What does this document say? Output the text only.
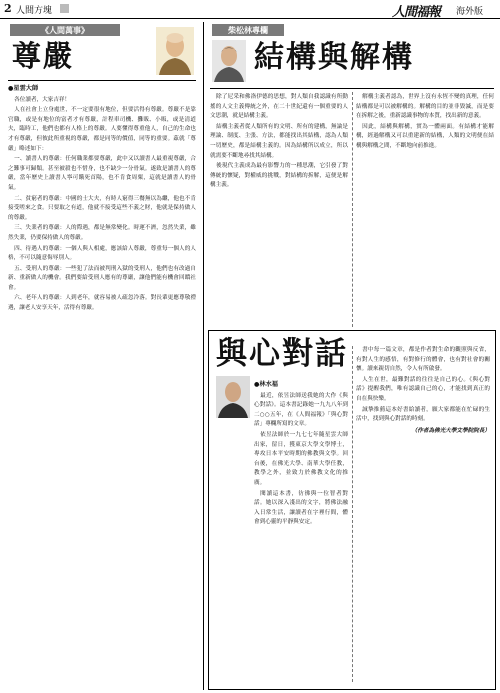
2 人間方塊	人間福報 海外版
《人間萬事》
尊嚴
●星雲大師

各位讀者，大家吉祥！

人在社會上立身處世，不一定要很有地位，但要活得有尊嚴。尊嚴不是靠官職，或是有地位的富者才有尊嚴，計程車司機、攤販、小販，或是清道夫，臨時工，他們也都有人格上的尊嚴。人要懂得尊重他人，自己的生命也才有尊嚴，但彼此所重視的尊嚴，都是同等的價值，同等的重要。茲就「尊嚴」略述如下：

一、讀書人的尊嚴：任何職業都要尊嚴，此中又以讀書人最重視尊嚴，合之難事可歸類。甚至被殺也不惜身，也不缺少一分骨氣。遂致是讀書人的尊嚴，當年歷史上讀書人寧可餓死首陽，也不肯食周粟，這就是讀書人的骨氣。

二、貧窮者的尊嚴：中國的士大夫，有時人窮得三餐無以為繼，他也不肯接受嗟來之食。只要取之有道，他就不接受這些不義之財，他就是保持做人的尊嚴。

三、失業者的尊嚴：人的際遇，都是無常變化。時運不濟，忽然失業，雖然失業，仍要保持做人的尊嚴。

四、待遇人的尊嚴：一個人與人相處，應該給人尊嚴，尊重每一個人的人格，不可以隨意侮辱別人。

五、受刑人的尊嚴：一些犯了法而被判刑入獄的受刑人，他們也有改過自新、重新做人的機會。我們要給受刑人應有的尊嚴，讓他們能有機會回饋社會。

六、老年人的尊嚴：人到老年，就容易被人疏忽冷落。對長輩更應尊敬禮遇，讓老人安享天年，活得有尊嚴。

柴松林專欄
結構與解構

除了尼采和佛洛伊德的思想，對人類自我認識有所動搖的人文主義傳統之外，在二十世紀還有一個重要的人文思潮，就是結構主義。

結構主義者從人類所有的文明、所有的建構，無論是理論、制度、主張、方法，都能找出其結構，認為人類一切歷史，都是結構主義的。因為結構所以成立，所以就需要不斷地尋找其結構。

後現代主義成為最有影響力的一種思潮，它引發了對傳統的懷疑，對權威的挑戰，對結構的拆解，這便是解構主義。

解構主義者認為，世界上沒有永恆不變的真理，任何結構都是可以被解構的。解構的目的並非毀滅，而是要在拆解之後，重新認識事物的本質，找出新的意義。

因此，結構與解構，實為一體兩面。有結構才能解構，經過解構又可以重建新的結構，人類的文明便在結構與解構之間，不斷地向前推進。

與心對話
●林水福

最近，依昱法師送我她的大作《與心對話》。這本書記錄她一九九八年到二○○五年，在《人間福報》「與心對話」專欄所寫的文章。

依昱法師於一九七七年隨星雲大師出家，留日，獲東京大學文學博士，專攻日本平安時期的佛教與文學。回台後，在佛光大學、南華大學任教，教學之外，並致力於佛教文化的推廣。

閱讀這本書，彷彿與一位智者對話。她以深入淺出的文字，將佛法融入日常生活，讓讀者在字裡行間，體會到心靈的平靜與安定。

書中每一篇文章，都是作者對生命的觀照與反省，有對人生的感悟，有對修行的體會，也有對社會的關懷。讀來親切自然，令人有所啟發。

人生在世，最難對話的往往是自己的心。《與心對話》提醒我們，唯有認識自己的心，才能找到真正的自在與快樂。

誠摯推薦這本好書給讀者，願大家都能在忙碌的生活中，找到與心對話的時刻。

（作者為佛光大學文學院院長）
